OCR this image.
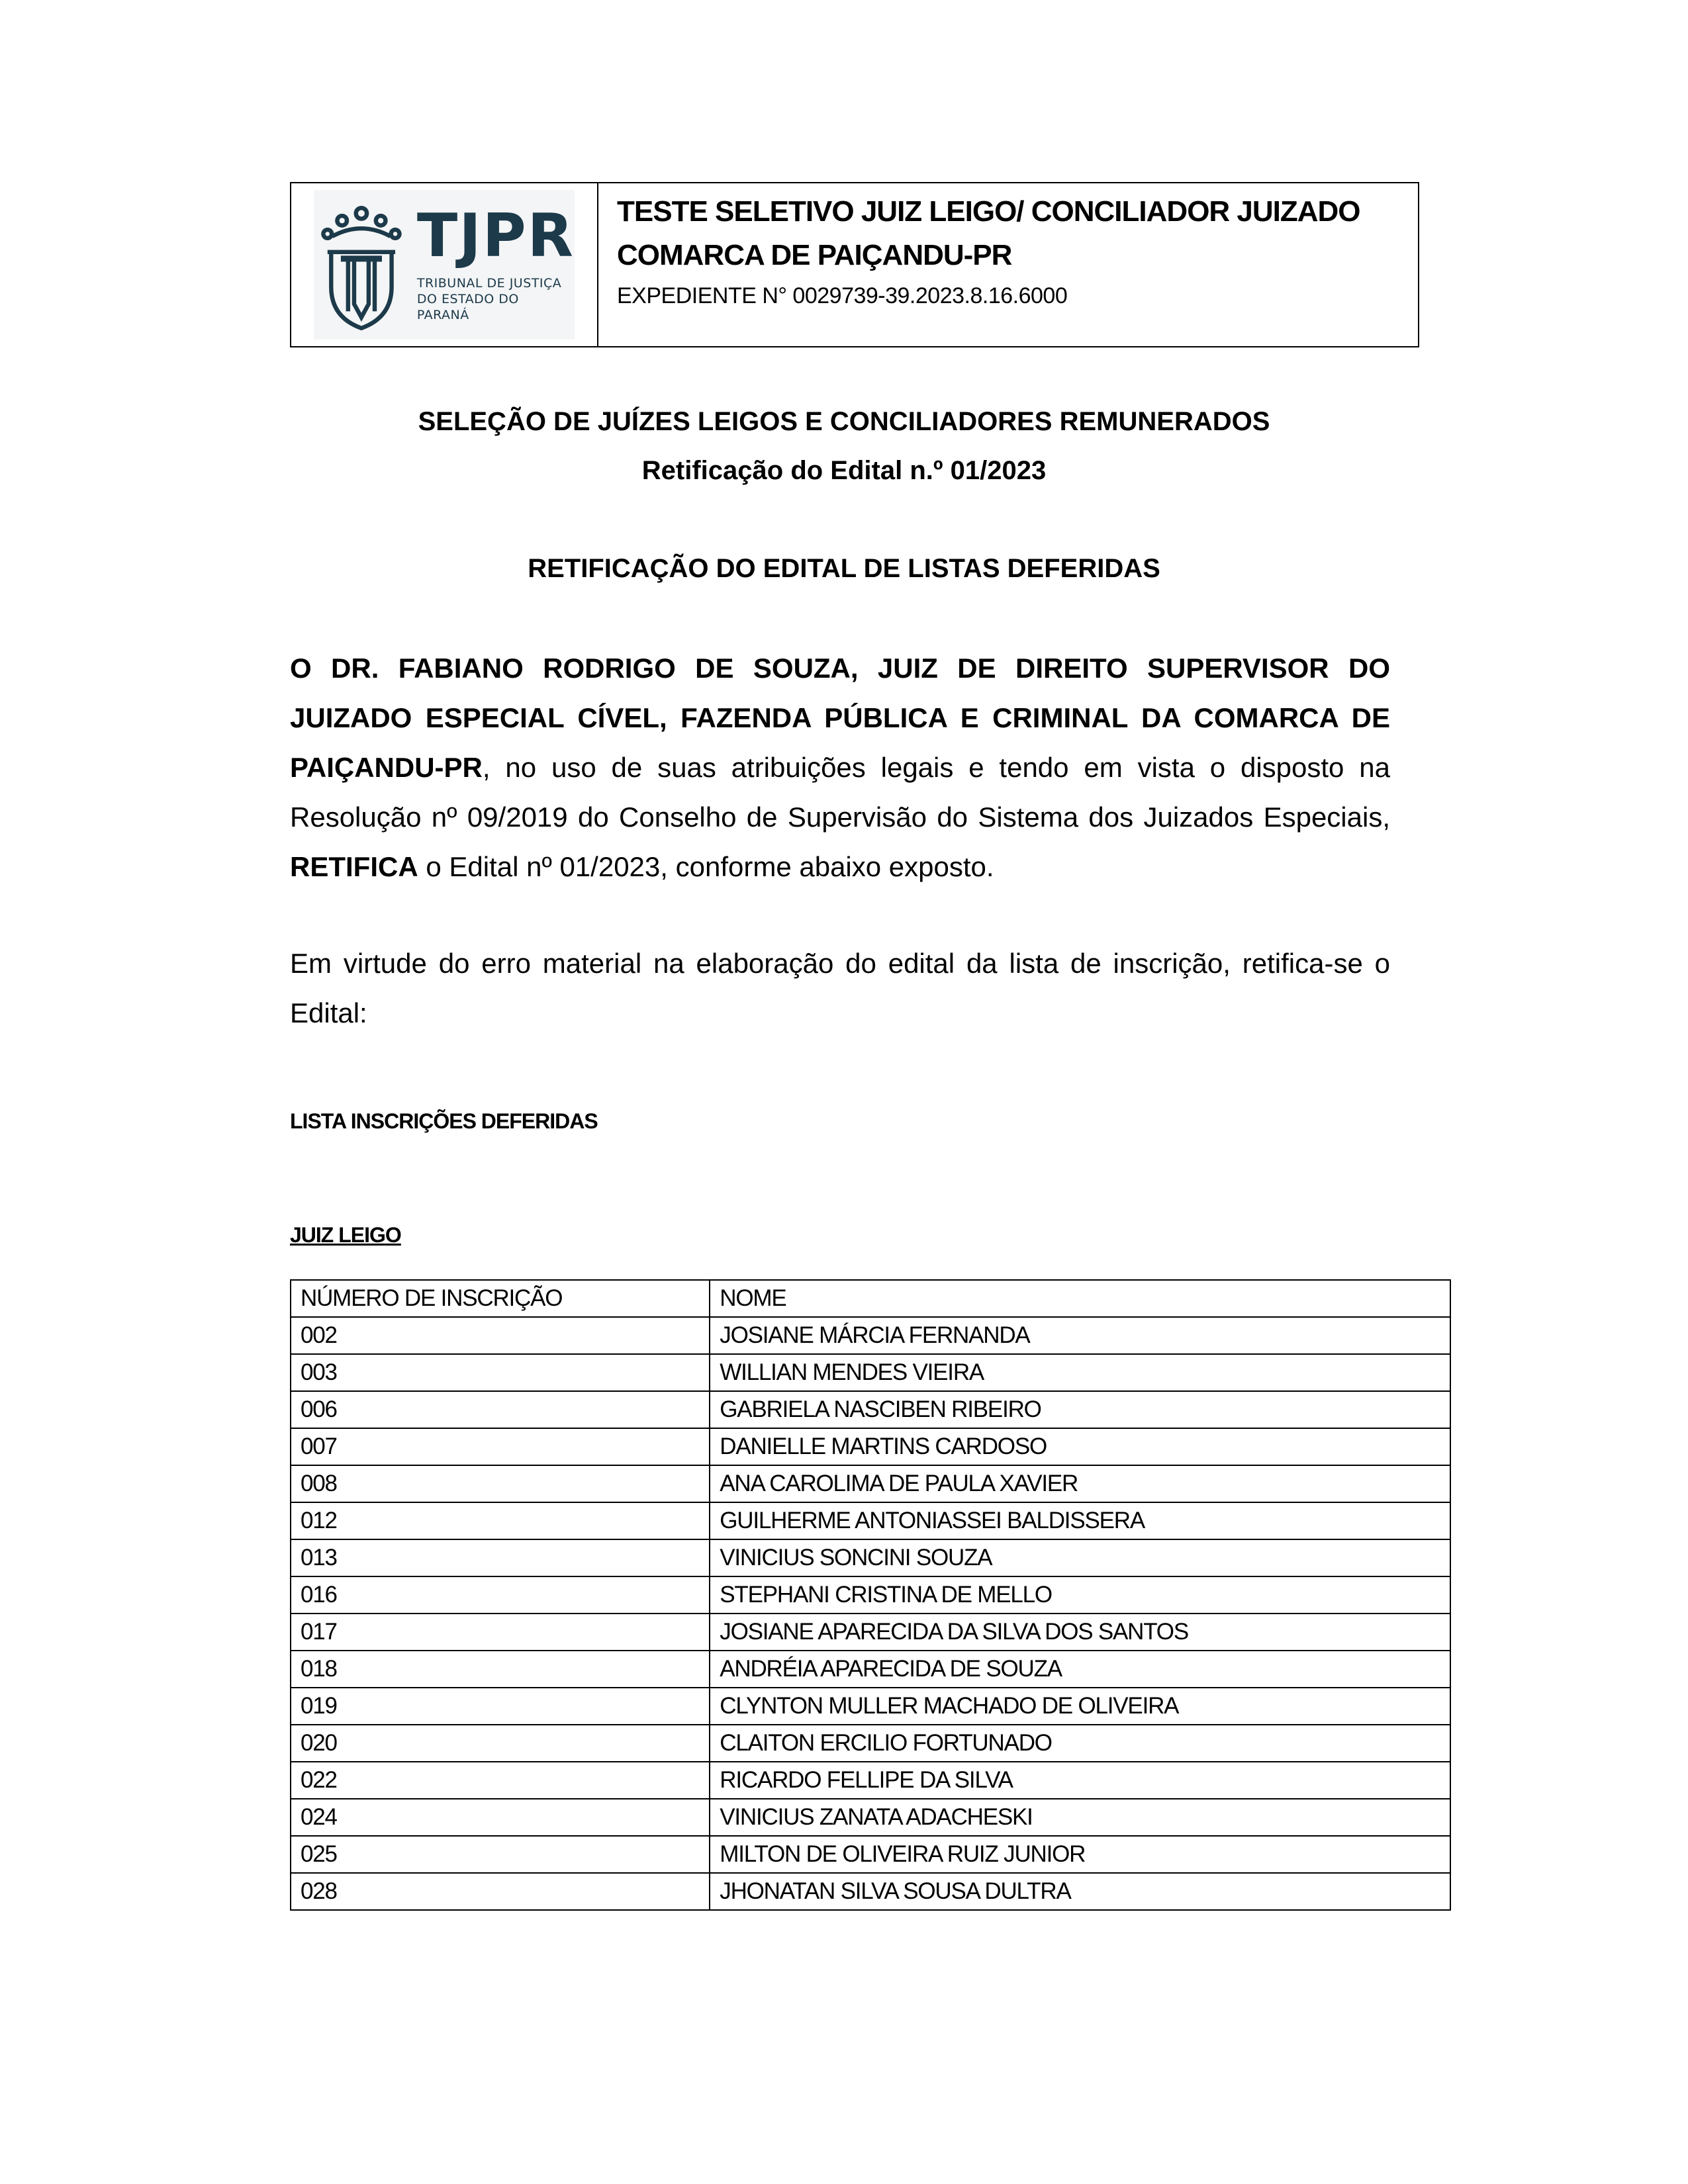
TJPR
TRIBUNAL DE JUSTIÇA
DO ESTADO DO PARANÁ
TESTE SELETIVO JUIZ LEIGO/ CONCILIADOR JUIZADO
COMARCA DE PAIÇANDU-PR
EXPEDIENTE N° 0029739-39.2023.8.16.6000
SELEÇÃO DE JUÍZES LEIGOS E CONCILIADORES REMUNERADOS
Retificação do Edital n.º 01/2023
RETIFICAÇÃO DO EDITAL DE LISTAS DEFERIDAS
O DR. FABIANO RODRIGO DE SOUZA, JUIZ DE DIREITO SUPERVISOR DO
JUIZADO ESPECIAL CÍVEL, FAZENDA PÚBLICA E CRIMINAL DA COMARCA DE
PAIÇANDU-PR, no uso de suas atribuições legais e tendo em vista o disposto na
Resolução nº 09/2019 do Conselho de Supervisão do Sistema dos Juizados Especiais,
RETIFICA o Edital nº 01/2023, conforme abaixo exposto.
Em virtude do erro material na elaboração do edital da lista de inscrição, retifica-se o
Edital:
LISTA INSCRIÇÕES DEFERIDAS
JUIZ LEIGO
NÚMERO DE INSCRIÇÃO	NOME
002	JOSIANE MÁRCIA FERNANDA
003	WILLIAN MENDES VIEIRA
006	GABRIELA NASCIBEN RIBEIRO
007	DANIELLE MARTINS CARDOSO
008	ANA CAROLIMA DE PAULA XAVIER
012	GUILHERME ANTONIASSEI BALDISSERA
013	VINICIUS SONCINI SOUZA
016	STEPHANI CRISTINA DE MELLO
017	JOSIANE APARECIDA DA SILVA DOS SANTOS
018	ANDRÉIA APARECIDA DE SOUZA
019	CLYNTON MULLER MACHADO DE OLIVEIRA
020	CLAITON ERCILIO FORTUNADO
022	RICARDO FELLIPE DA SILVA
024	VINICIUS ZANATA ADACHESKI
025	MILTON DE OLIVEIRA RUIZ JUNIOR
028	JHONATAN SILVA SOUSA DULTRA
